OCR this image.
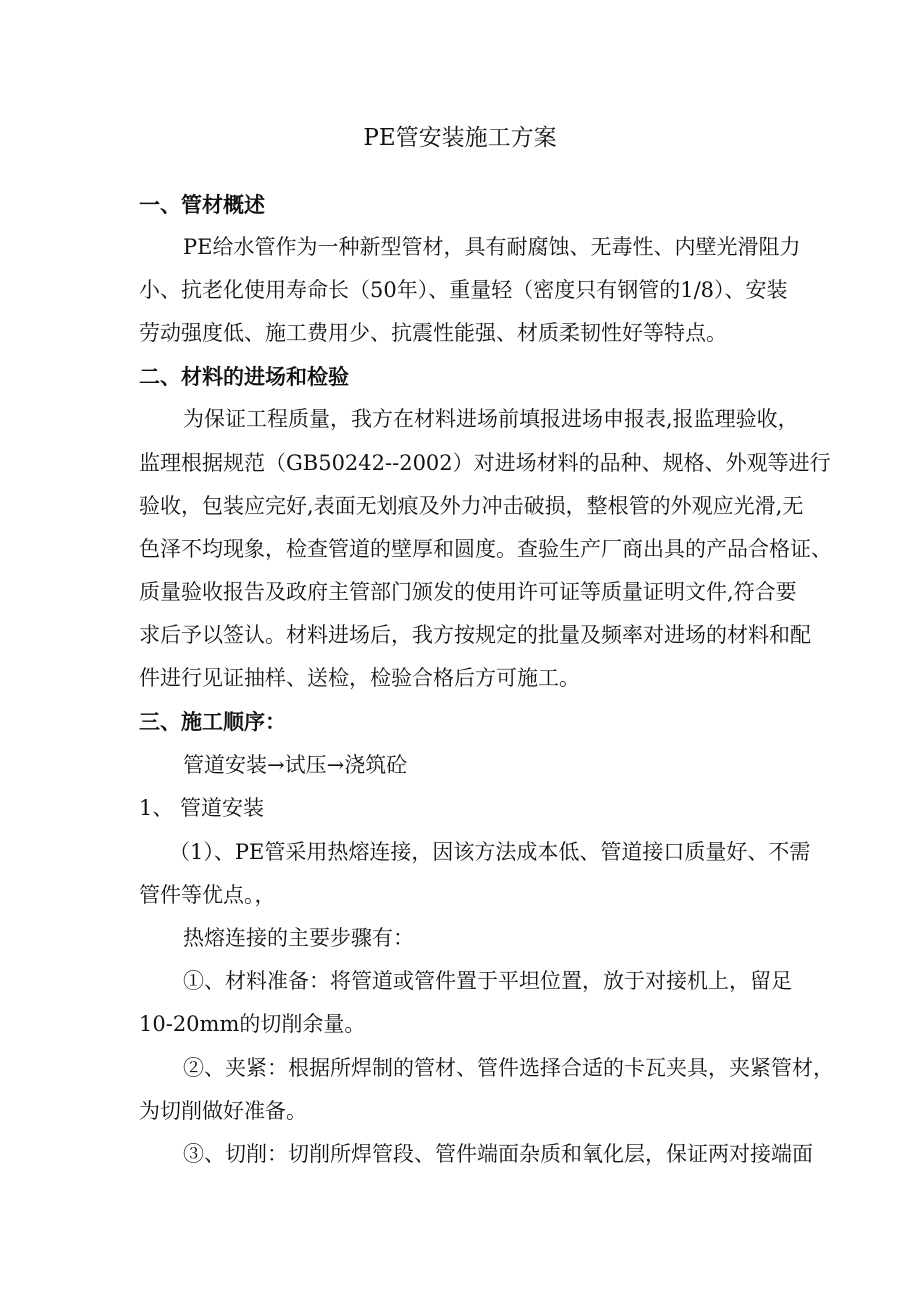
PE管安装施工方案
一、管材概述
PE给水管作为一种新型管材，具有耐腐蚀、无毒性、内壁光滑阻力
小、抗老化使用寿命长（50年）、重量轻（密度只有钢管的1/8）、安装
劳动强度低、施工费用少、抗震性能强、材质柔韧性好等特点。
二、材料的进场和检验
为保证工程质量，我方在材料进场前填报进场申报表,报监理验收，
监理根据规范（GB50242--2002）对进场材料的品种、规格、外观等进行
验收，包装应完好,表面无划痕及外力冲击破损，整根管的外观应光滑,无
色泽不均现象，检查管道的壁厚和圆度。查验生产厂商出具的产品合格证、
质量验收报告及政府主管部门颁发的使用许可证等质量证明文件,符合要
求后予以签认。材料进场后，我方按规定的批量及频率对进场的材料和配
件进行见证抽样、送检，检验合格后方可施工。
三、施工顺序：
管道安装→试压→浇筑砼
1、 管道安装
（1）、PE管采用热熔连接，因该方法成本低、管道接口质量好、不需
管件等优点。，
热熔连接的主要步骤有：
①、材料准备：将管道或管件置于平坦位置，放于对接机上，留足
10-20mm的切削余量。
②、夹紧：根据所焊制的管材、管件选择合适的卡瓦夹具，夹紧管材，
为切削做好准备。
③、切削：切削所焊管段、管件端面杂质和氧化层，保证两对接端面
